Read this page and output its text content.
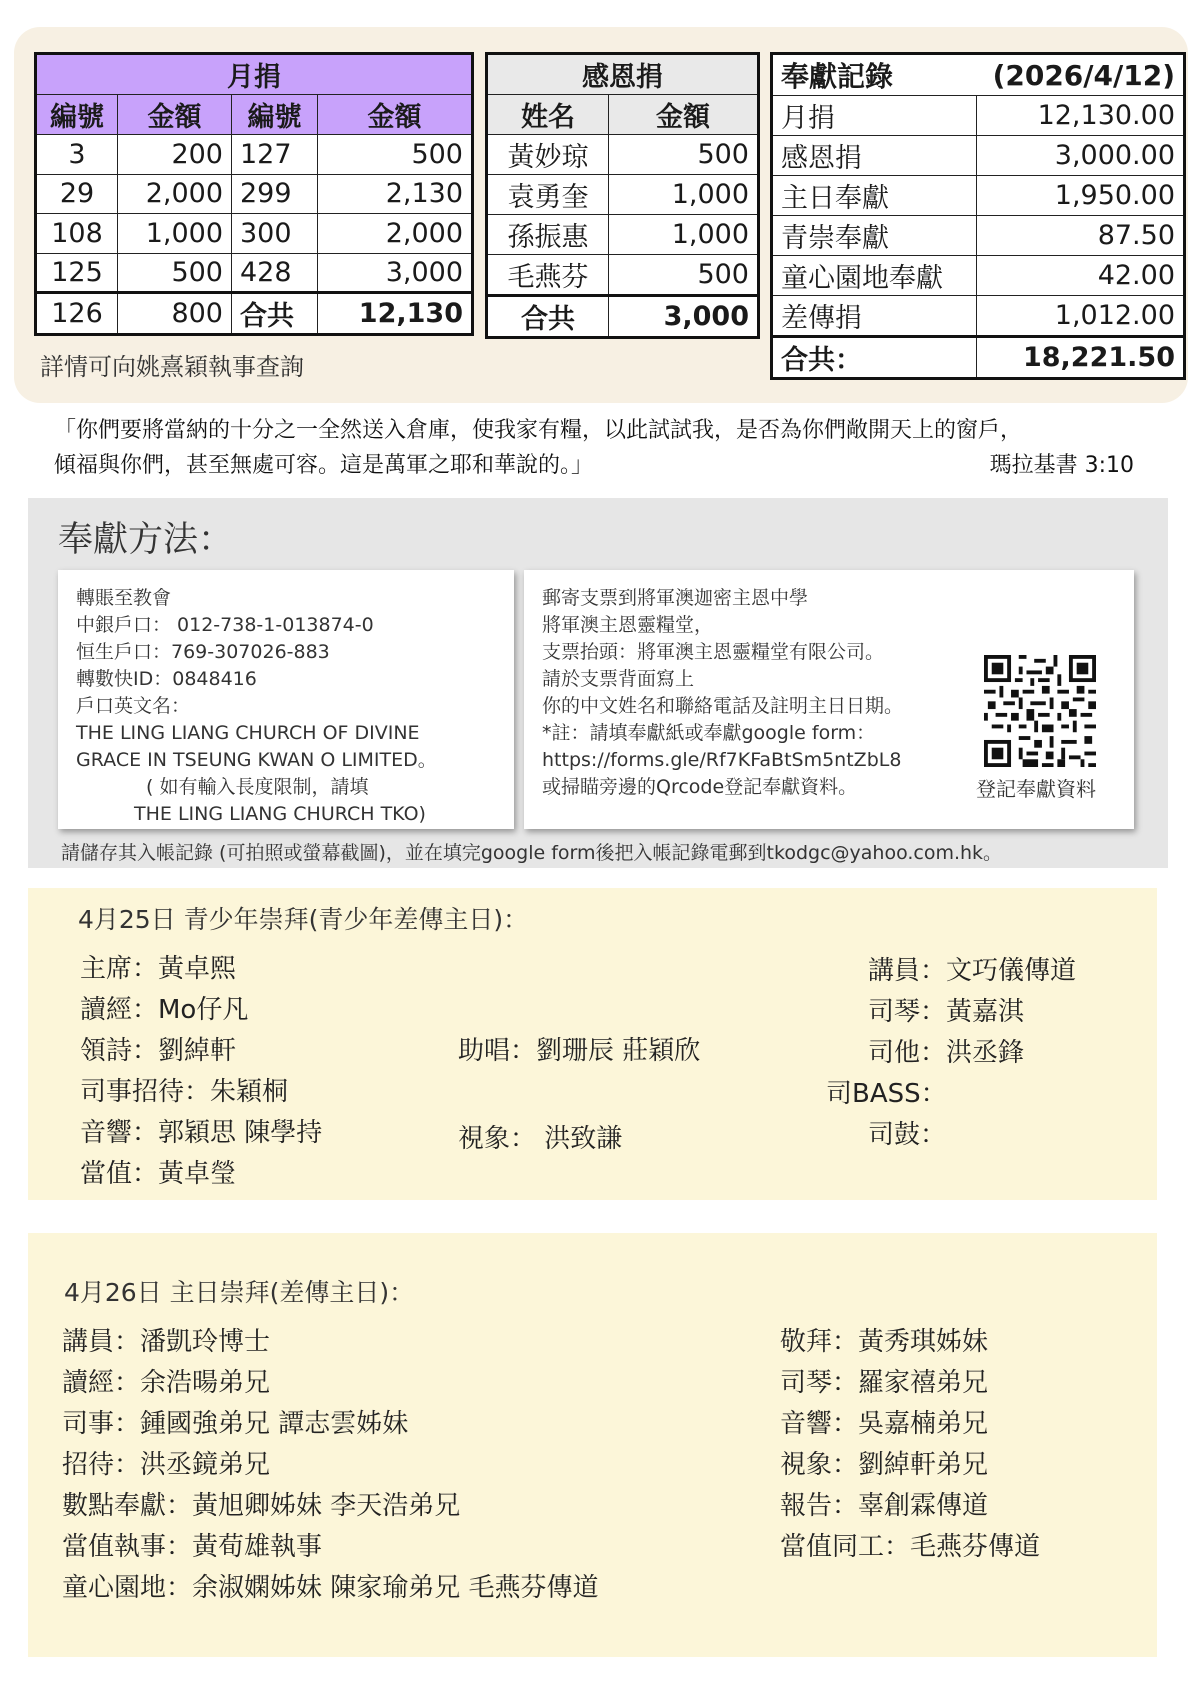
月捐			
編號	金額	編號	金額
3	200	127	500
29	2,000	299	2,130
108	1,000	300	2,000
125	500	428	3,000
126	800	合共	12,130
感恩捐	
姓名	金額
黃妙琼	500
袁勇奎	1,000
孫振惠	1,000
毛燕芬	500
合共	3,000
奉獻記錄	(2026/4/12)
月捐	12,130.00
感恩捐	3,000.00
主日奉獻	1,950.00
青崇奉獻	87.50
童心園地奉獻	42.00
差傳捐	1,012.00
合共：	18,221.50
詳情可向姚熹穎執事查詢
「你們要將當納的十分之一全然送入倉庫，使我家有糧，以此試試我，是否為你們敞開天上的窗戶，
傾福與你們，甚至無處可容。這是萬軍之耶和華說的。」	瑪拉基書 3:10
奉獻方法：
轉賬至教會
中銀戶口： 012-738-1-013874-0
恒生戶口：769-307026-883
轉數快ID：0848416
戶口英文名：
THE LING LIANG CHURCH OF DIVINE
GRACE IN TSEUNG KWAN O LIMITED。
( 如有輸入長度限制，請填
THE LING LIANG CHURCH TKO)
郵寄支票到將軍澳迦密主恩中學
將軍澳主恩靈糧堂，
支票抬頭：將軍澳主恩靈糧堂有限公司。
請於支票背面寫上
你的中文姓名和聯絡電話及註明主日日期。
*註：請填奉獻紙或奉獻google form：
https://forms.gle/Rf7KFaBtSm5ntZbL8
或掃瞄旁邊的Qrcode登記奉獻資料。	登記奉獻資料
請儲存其入帳記錄 (可拍照或螢幕截圖)，並在填完google form後把入帳記錄電郵到tkodgc@yahoo.com.hk。
4月25日 青少年崇拜(青少年差傳主日)：
主席：黃卓熙
讀經：Mo仔凡
領詩：劉綽軒
司事招待：朱穎桐
音響：郭穎思 陳學持
當值：黃卓瑩
助唱：劉珊辰 莊穎欣
視象： 洪致謙
講員：文巧儀傳道
司琴：黃嘉淇
司他：洪丞鋒
司BASS：
司鼓：
4月26日 主日崇拜(差傳主日)：
講員：潘凱玲博士
讀經：余浩暘弟兄
司事：鍾國強弟兄 譚志雲姊妹
招待：洪丞鏡弟兄
數點奉獻：黃旭卿姊妹 李天浩弟兄
當值執事：黃荀雄執事
童心園地：余淑嫻姊妹 陳家瑜弟兄 毛燕芬傳道
敬拜：黃秀琪姊妹
司琴：羅家禧弟兄
音響：吳嘉楠弟兄
視象：劉綽軒弟兄
報告：辜創霖傳道
當值同工：毛燕芬傳道
